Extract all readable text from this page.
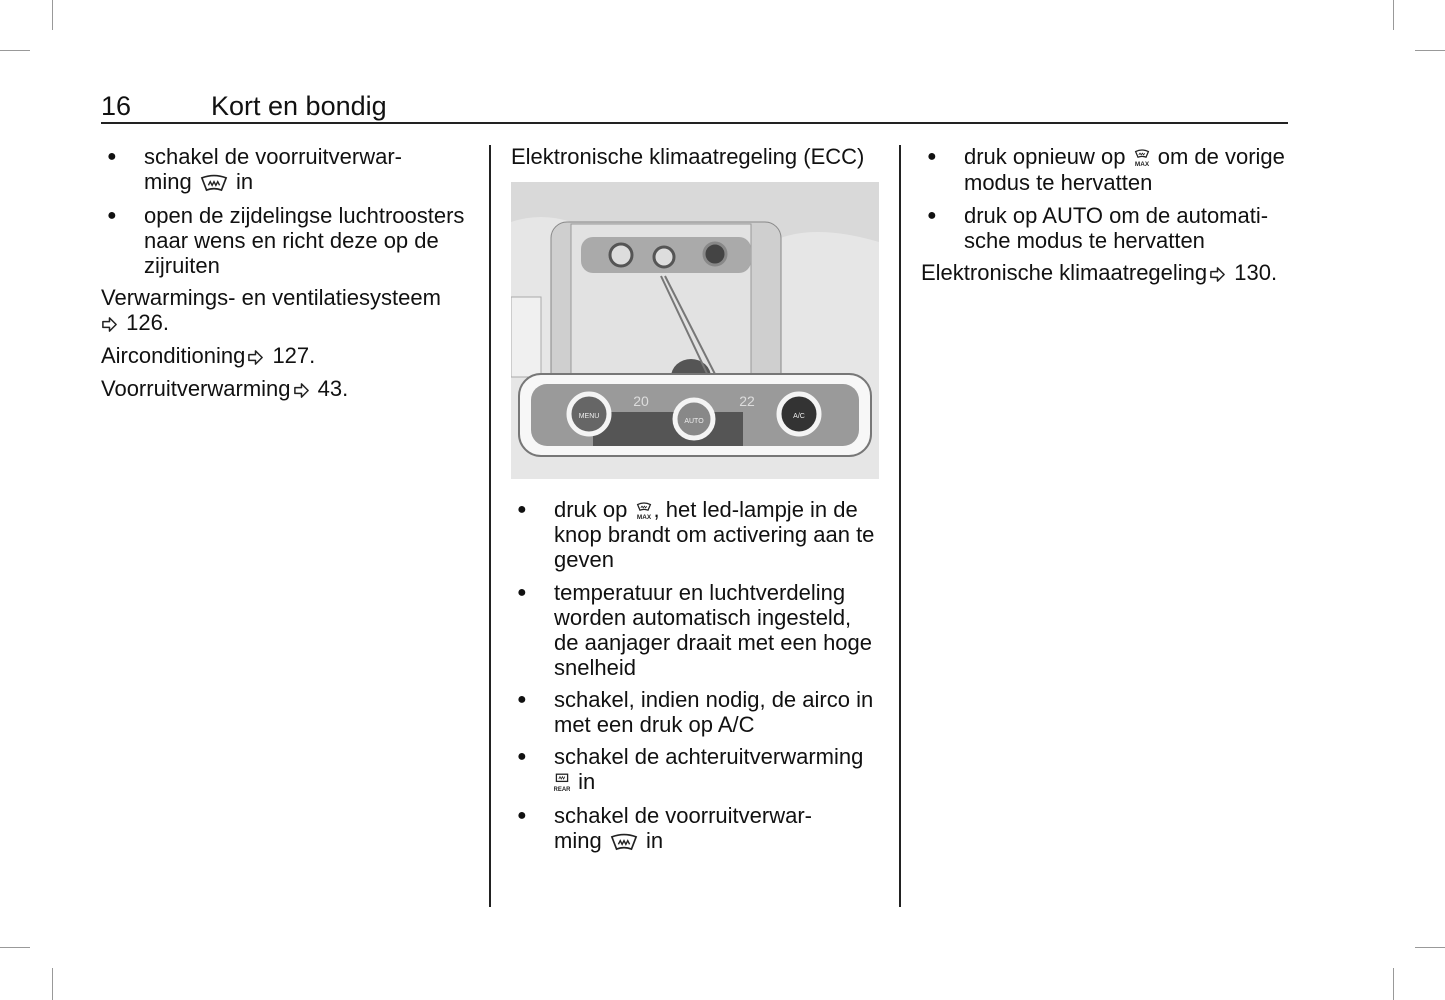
16	Kort en bondig
● schakel de voorruitverwar-
ming in
● open de zijdelingse luchtroosters
naar wens en richt deze op de
zijruiten
Verwarmings- en ventilatiesysteem
126.
Airconditioning 127.
Voorruitverwarming 43.
Elektronische klimaatregeling (ECC)
MENU
AUTO
A/C
20	22
● druk op , het led-lampje in de
knop brandt om activering aan te
geven
● temperatuur en luchtverdeling
worden automatisch ingesteld,
de aanjager draait met een hoge
snelheid
● schakel, indien nodig, de airco in
met een druk op A/C
● schakel de achteruitverwarming
in
● schakel de voorruitverwar-
ming in
● druk opnieuw op om de vorige
modus te hervatten
● druk op AUTO om de automati-
sche modus te hervatten
Elektronische klimaatregeling 130.
